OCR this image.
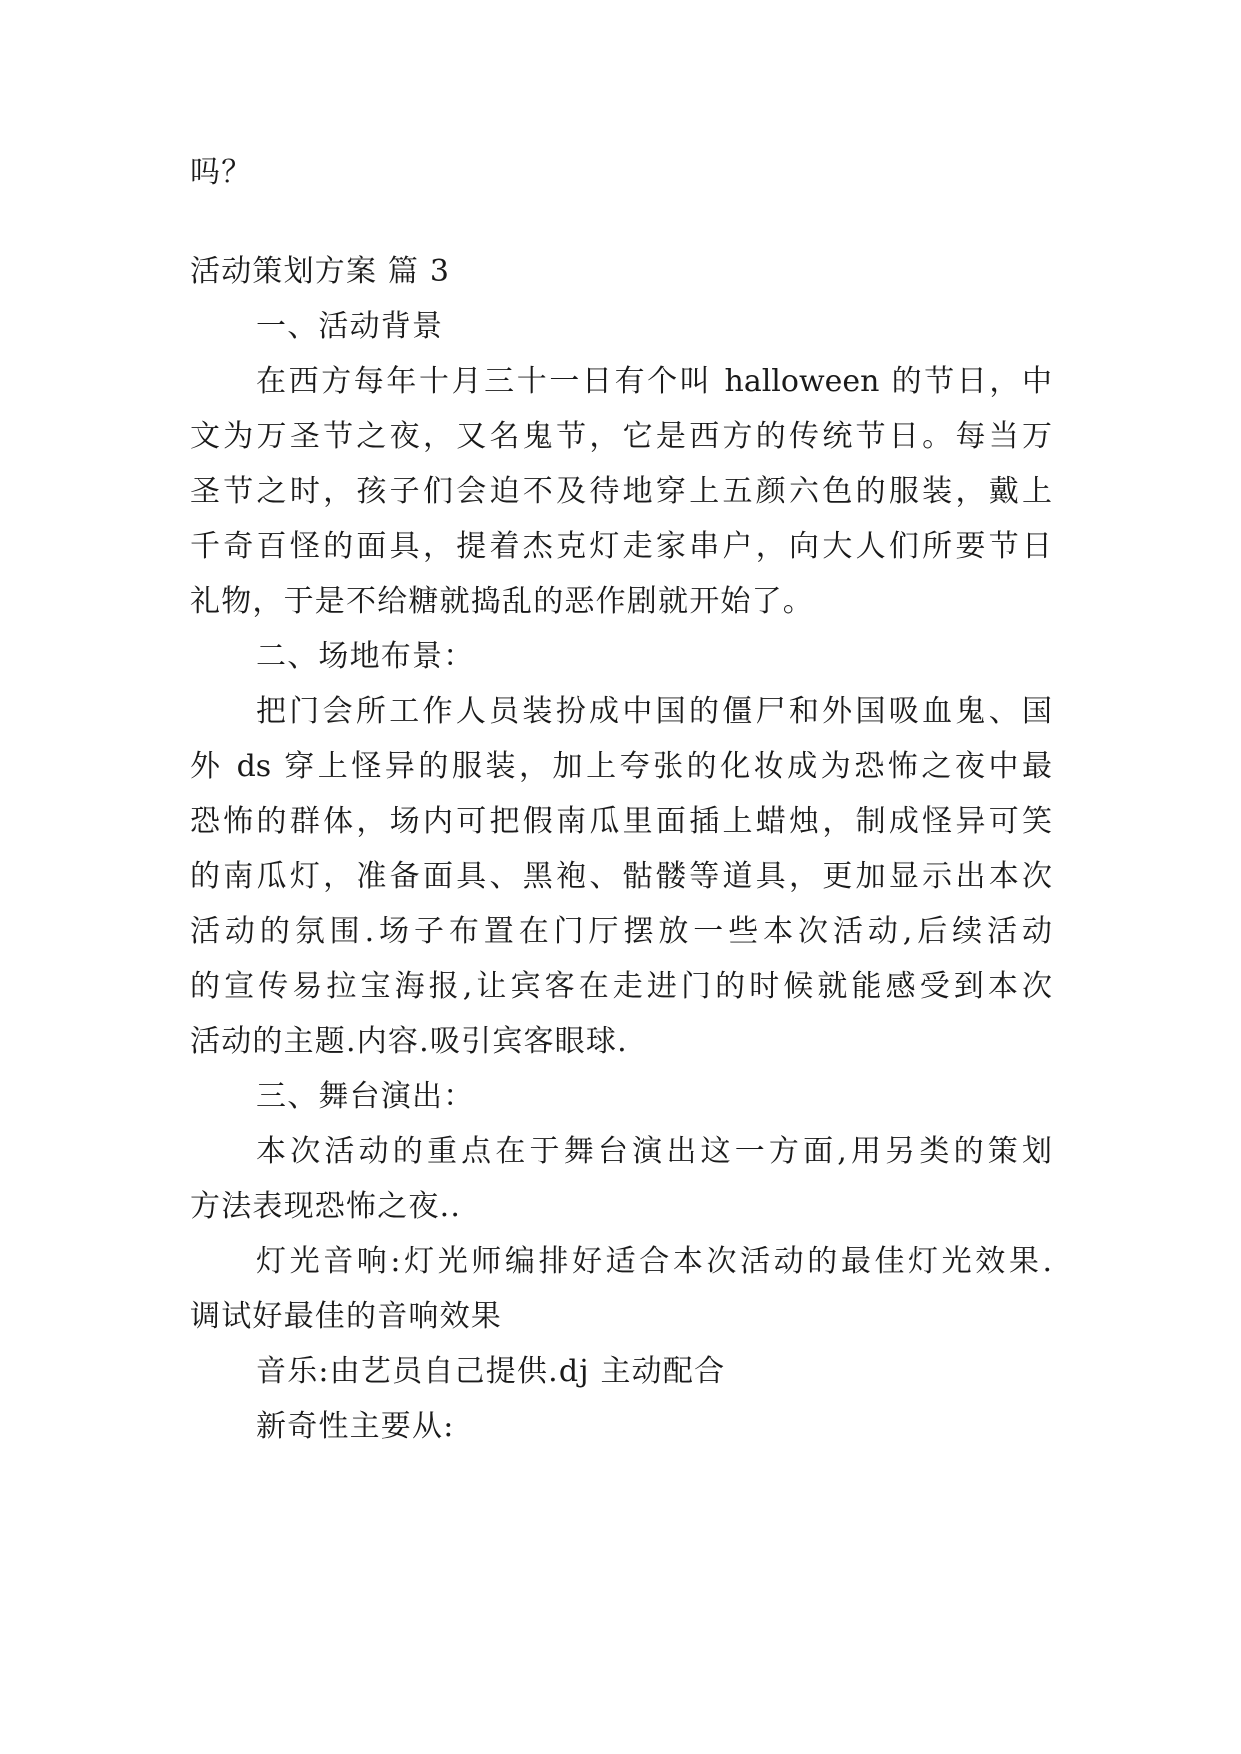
吗？
活动策划方案 篇 3
一、活动背景
在西方每年十月三十一日有个叫 halloween 的节日，中
文为万圣节之夜，又名鬼节，它是西方的传统节日。每当万
圣节之时，孩子们会迫不及待地穿上五颜六色的服装，戴上
千奇百怪的面具，提着杰克灯走家串户，向大人们所要节日
礼物，于是不给糖就捣乱的恶作剧就开始了。
二、场地布景：
把门会所工作人员装扮成中国的僵尸和外国吸血鬼、国
外 ds 穿上怪异的服装，加上夸张的化妆成为恐怖之夜中最
恐怖的群体，场内可把假南瓜里面插上蜡烛，制成怪异可笑
的南瓜灯，准备面具、黑袍、骷髅等道具，更加显示出本次
活动的氛围.场子布置在门厅摆放一些本次活动,后续活动
的宣传易拉宝海报,让宾客在走进门的时候就能感受到本次
活动的主题.内容.吸引宾客眼球.
三、舞台演出：
本次活动的重点在于舞台演出这一方面,用另类的策划
方法表现恐怖之夜..
灯光音响:灯光师编排好适合本次活动的最佳灯光效果.
调试好最佳的音响效果
音乐:由艺员自己提供.dj 主动配合
新奇性主要从:
